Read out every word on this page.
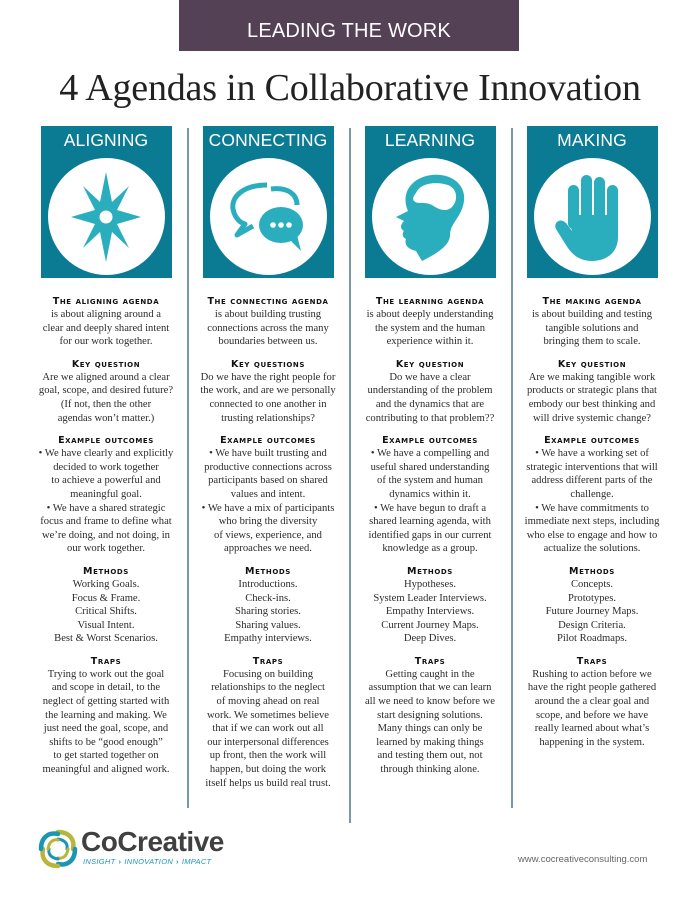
LEADING THE WORK
4 Agendas in Collaborative Innovation
ALIGNING
The aligning agenda
is about aligning around a
clear and deeply shared intent
for our work together.
Key question
Are we aligned around a clear
goal, scope, and desired future?
(If not, then the other
agendas won’t matter.)
Example outcomes
• We have clearly and explicitly
decided to work together
to achieve a powerful and
meaningful goal.
• We have a shared strategic
focus and frame to define what
we’re doing, and not doing, in
our work together.
Methods
Working Goals.
Focus & Frame.
Critical Shifts.
Visual Intent.
Best & Worst Scenarios.
Traps
Trying to work out the goal
and scope in detail, to the
neglect of getting started with
the learning and making. We
just need the goal, scope, and
shifts to be “good enough”
to get started together on
meaningful and aligned work.
CONNECTING
The connecting agenda
is about building trusting
connections across the many
boundaries between us.
Key questions
Do we have the right people for
the work, and are we personally
connected to one another in
trusting relationships?
Example outcomes
• We have built trusting and
productive connections across
participants based on shared
values and intent.
• We have a mix of participants
who bring the diversity
of views, experience, and
approaches we need.
Methods
Introductions.
Check-ins.
Sharing stories.
Sharing values.
Empathy interviews.
Traps
Focusing on building
relationships to the neglect
of moving ahead on real
work. We sometimes believe
that if we can work out all
our interpersonal differences
up front, then the work will
happen, but doing the work
itself helps us build real trust.
LEARNING
The learning agenda
is about deeply understanding
the system and the human
experience within it.
Key question
Do we have a clear
understanding of the problem
and the dynamics that are
contributing to that problem??
Example outcomes
• We have a compelling and
useful shared understanding
of the system and human
dynamics within it.
• We have begun to draft a
shared learning agenda, with
identified gaps in our current
knowledge as a group.
Methods
Hypotheses.
System Leader Interviews.
Empathy Interviews.
Current Journey Maps.
Deep Dives.
Traps
Getting caught in the
assumption that we can learn
all we need to know before we
start designing solutions.
Many things can only be
learned by making things
and testing them out, not
through thinking alone.
MAKING
The making agenda
is about building and testing
tangible solutions and
bringing them to scale.
Key question
Are we making tangible work
products or strategic plans that
embody our best thinking and
will drive systemic change?
Example outcomes
• We have a working set of
strategic interventions that will
address different parts of the
challenge.
• We have commitments to
immediate next steps, including
who else to engage and how to
actualize the solutions.
Methods
Concepts.
Prototypes.
Future Journey Maps.
Design Criteria.
Pilot Roadmaps.
Traps
Rushing to action before we
have the right people gathered
around the a clear goal and
scope, and before we have
really learned about what’s
happening in the system.
CoCreative
INSIGHT › INNOVATION › IMPACT	www.cocreativeconsulting.com
